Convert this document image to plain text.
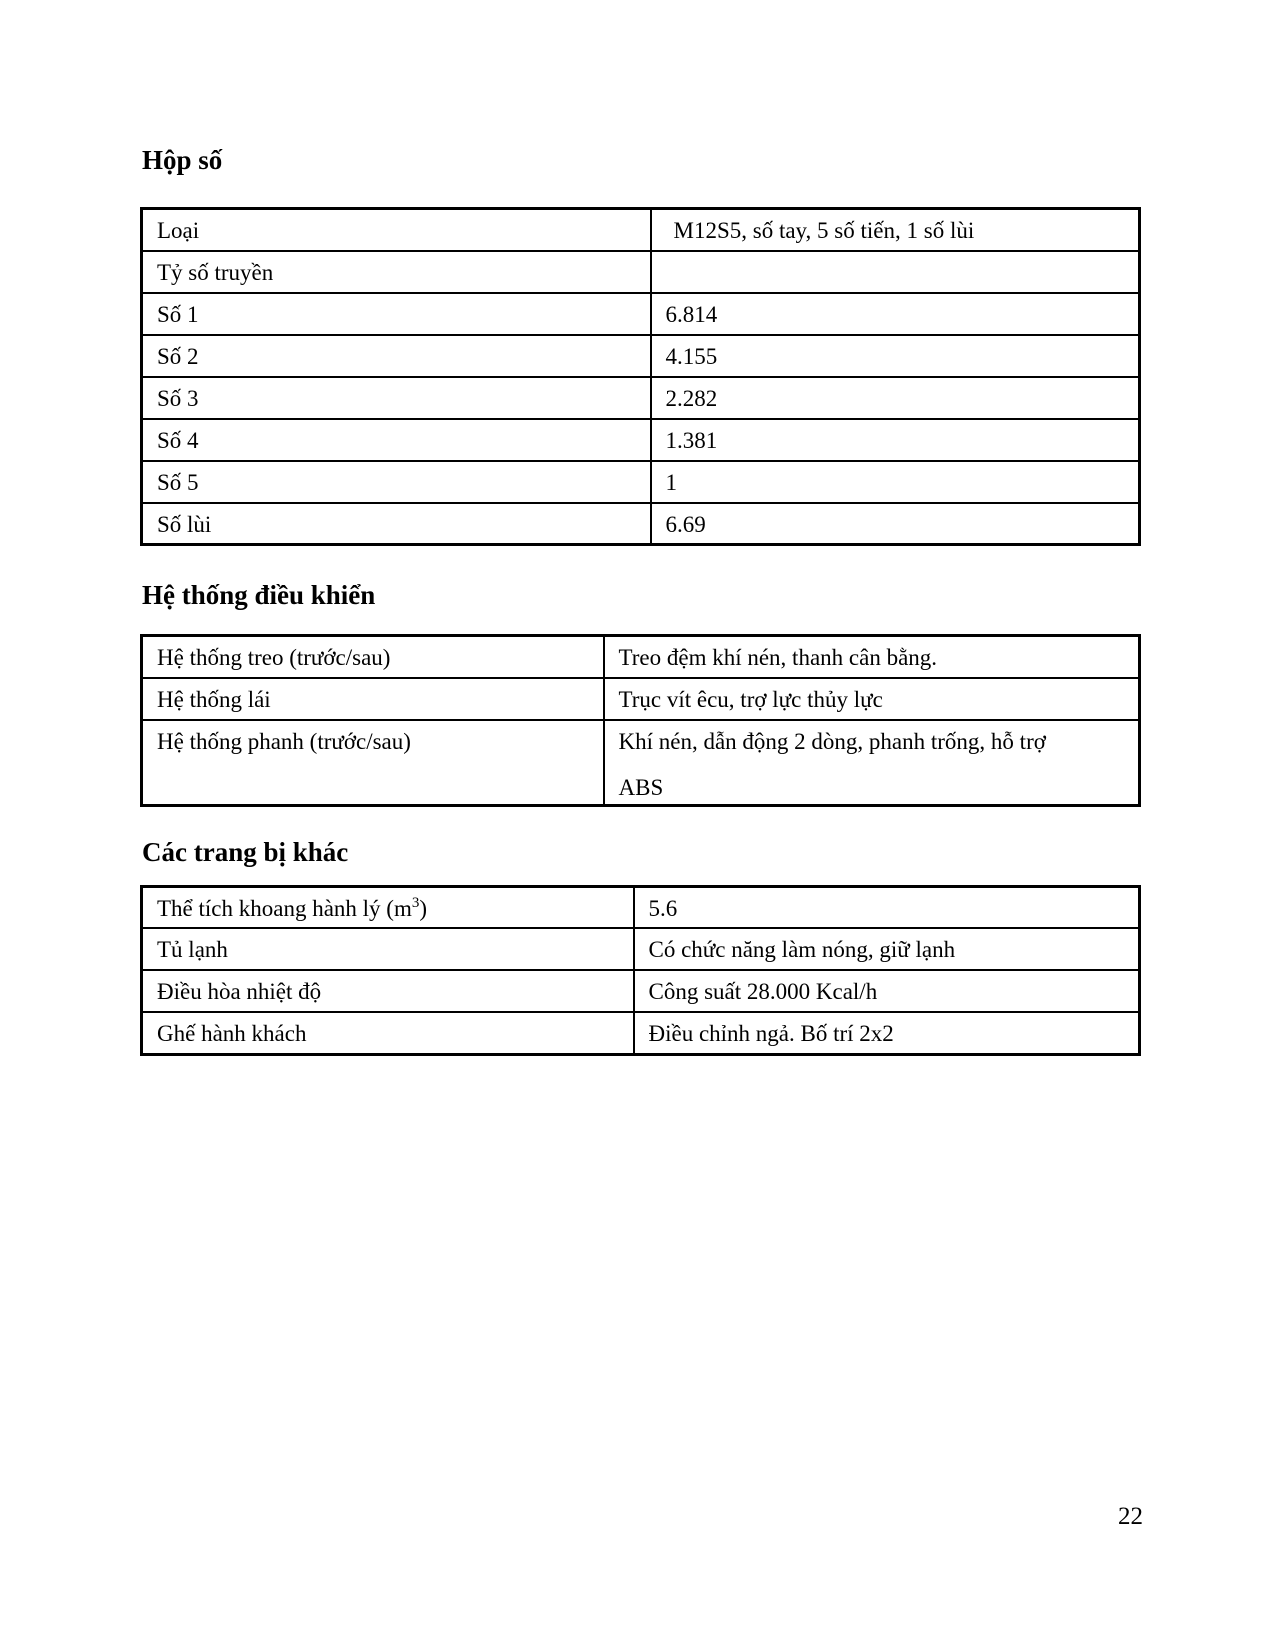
Hộp số
Loại	M12S5, số tay, 5 số tiến, 1 số lùi
Tỷ số truyền	
Số 1	6.814
Số 2	4.155
Số 3	2.282
Số 4	1.381
Số 5	1
Số lùi	6.69
Hệ thống điều khiển
Hệ thống treo (trước/sau)	Treo đệm khí nén, thanh cân bằng.
Hệ thống lái	Trục vít êcu, trợ lực thủy lực
Hệ thống phanh (trước/sau)	Khí nén, dẫn động 2 dòng, phanh trống, hỗ trợ
ABS
Các trang bị khác
Thể tích khoang hành lý $(m^3)$	5.6
Tủ lạnh	Có chức năng làm nóng, giữ lạnh
Điều hòa nhiệt độ	Công suất 28.000 Kcal/h
Ghế hành khách	Điều chỉnh ngả. Bố trí 2x2
22
